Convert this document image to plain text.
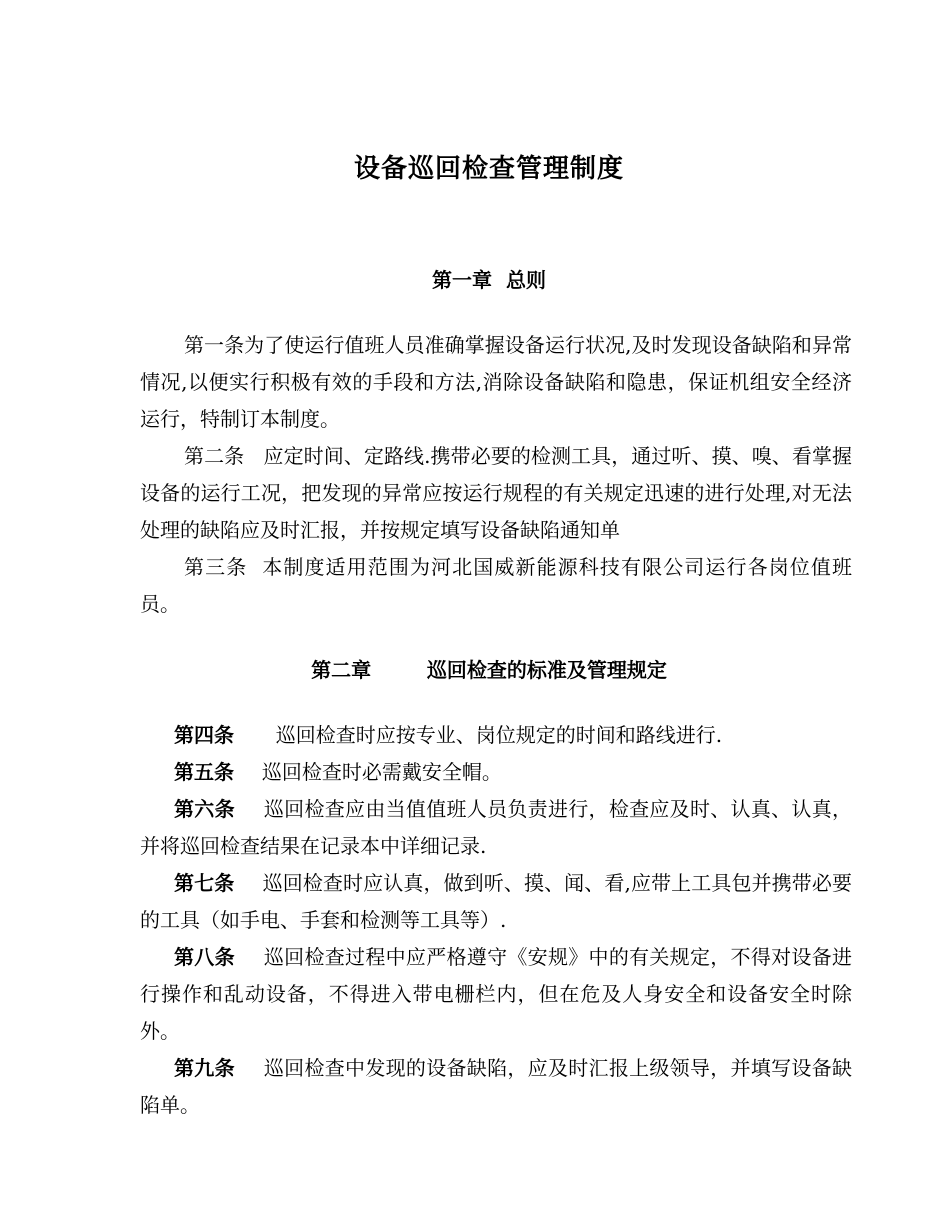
设备巡回检查管理制度
第一章  总则

第一条为了使运行值班人员准确掌握设备运行状况,及时发现设备缺陷和异常情况,以便实行积极有效的手段和方法,消除设备缺陷和隐患，保证机组安全经济运行，特制订本制度。

第二条 应定时间、定路线.携带必要的检测工具，通过听、摸、嗅、看掌握设备的运行工况，把发现的异常应按运行规程的有关规定迅速的进行处理,对无法处理的缺陷应及时汇报，并按规定填写设备缺陷通知单

第三条 本制度适用范围为河北国威新能源科技有限公司运行各岗位值班员。

第二章        巡回检查的标准及管理规定

第四条 巡回检查时应按专业、岗位规定的时间和路线进行.

第五条 巡回检查时必需戴安全帽。

第六条 巡回检查应由当值值班人员负责进行，检查应及时、认真、认真，并将巡回检查结果在记录本中详细记录.

第七条 巡回检查时应认真，做到听、摸、闻、看,应带上工具包并携带必要的工具（如手电、手套和检测等工具等）.

第八条 巡回检查过程中应严格遵守《安规》中的有关规定，不得对设备进行操作和乱动设备，不得进入带电栅栏内，但在危及人身安全和设备安全时除外。

第九条 巡回检查中发现的设备缺陷，应及时汇报上级领导，并填写设备缺陷单。
